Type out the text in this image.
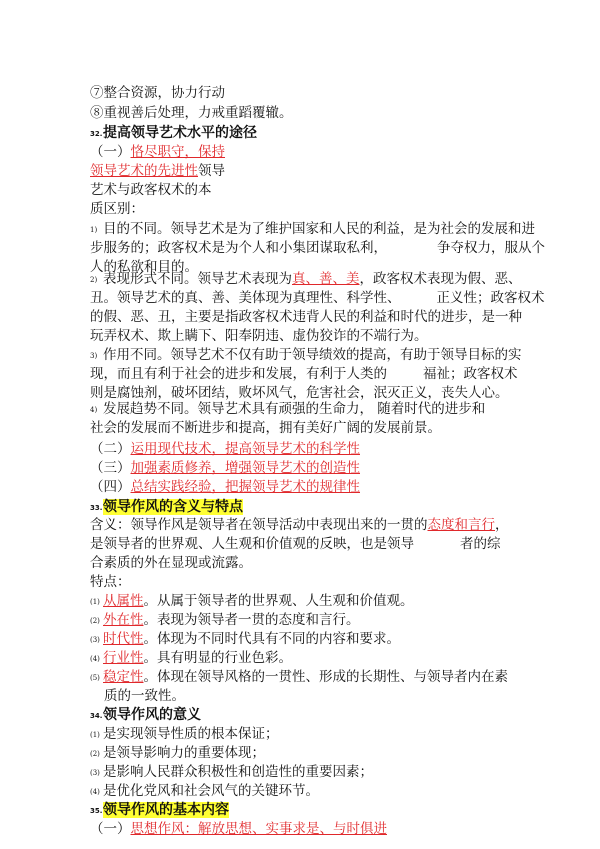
⑦整合资源，协力行动
⑧重视善后处理，力戒重蹈覆辙。
32.提高领导艺术水平的途径
（一）恪尽职守，保持
领导艺术的先进性领导
艺术与政客权术的本
质区别：
1) 目的不同。领导艺术是为了维护国家和人民的利益，是为社会的发展和进
步服务的；政客权术是为个人和小集团谋取私利，	争夺权力，服从个
人的私欲和目的。
2) 表现形式不同。领导艺术表现为真、善、美，政客权术表现为假、恶、
丑。领导艺术的真、善、美体现为真理性、科学性、	正义性；政客权术
的假、恶、丑，主要是指政客权术违背人民的利益和时代的进步，是一种
玩弄权术、欺上瞒下、阳奉阴违、虚伪狡诈的不端行为。
3) 作用不同。领导艺术不仅有助于领导绩效的提高，有助于领导目标的实
现，而且有利于社会的进步和发展，有利于人类的	福祉；政客权术
则是腐蚀剂，破坏团结，败坏风气，危害社会，泯灭正义，丧失人心。
4) 发展趋势不同。领导艺术具有顽强的生命力， 随着时代的进步和
社会的发展而不断进步和提高，拥有美好广阔的发展前景。
（二）运用现代技术，提高领导艺术的科学性
（三）加强素质修养，增强领导艺术的创造性
（四）总结实践经验，把握领导艺术的规律性
33.领导作风的含义与特点
含义：领导作风是领导者在领导活动中表现出来的一贯的态度和言行，
是领导者的世界观、人生观和价值观的反映，也是领导	者的综
合素质的外在显现或流露。
特点：
(1) 从属性。从属于领导者的世界观、人生观和价值观。
(2) 外在性。表现为领导者一贯的态度和言行。
(3) 时代性。体现为不同时代具有不同的内容和要求。
(4) 行业性。具有明显的行业色彩。
(5) 稳定性。体现在领导风格的一贯性、形成的长期性、与领导者内在素
质的一致性。
34.领导作风的意义
(1) 是实现领导性质的根本保证；
(2) 是领导影响力的重要体现；
(3) 是影响人民群众积极性和创造性的重要因素；
(4) 是优化党风和社会风气的关键环节。
35.领导作风的基本内容
（一）思想作风：解放思想、实事求是、与时俱进
